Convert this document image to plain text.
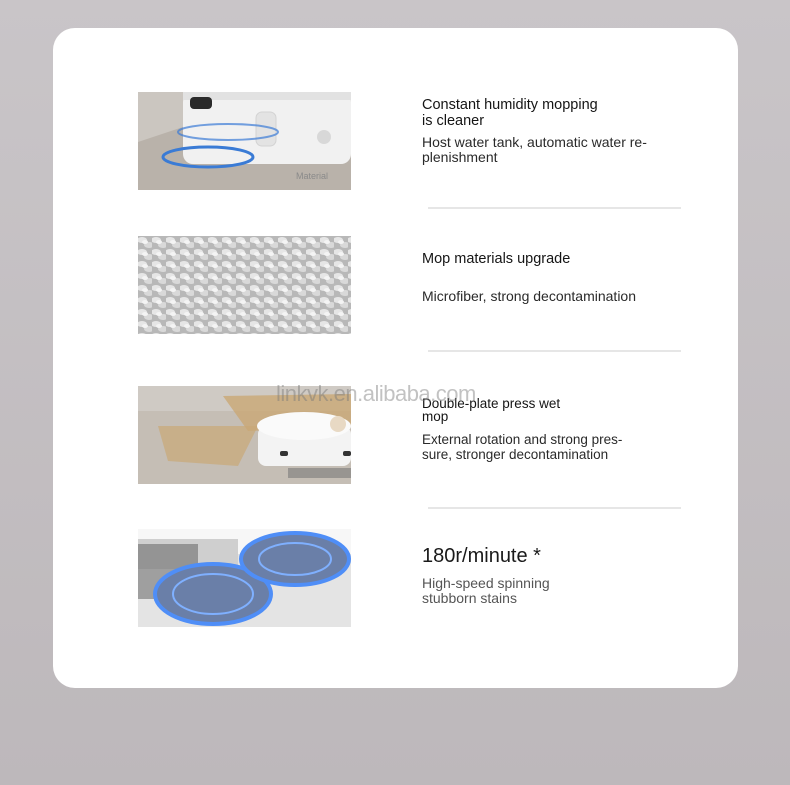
Material
Constant humidity mopping
is cleaner
Host water tank, automatic water re-
plenishment
Mop materials upgrade
Microfiber, strong decontamination
Double-plate press wet
mop
External rotation and strong pres-
sure, stronger decontamination
180r/minute *
High-speed spinning
stubborn stains
linkvk.en.alibaba.com
